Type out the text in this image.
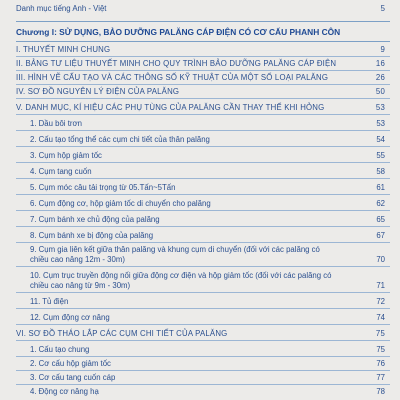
Danh mục tiếng Anh - Việt	5
Chương I: SỬ DỤNG, BẢO DƯỠNG PALĂNG CÁP ĐIỆN CÓ CƠ CẤU PHANH CÔN
I. THUYẾT MINH CHUNG	9
II. BẢNG TƯ LIỆU THUYẾT MINH CHO QUY TRÌNH BẢO DƯỠNG PALĂNG CÁP ĐIỆN	16
III. HÌNH VẼ CẤU TẠO VÀ CÁC THÔNG SỐ KỸ THUẬT CỦA MỘT SỐ LOẠI PALĂNG	26
IV. SƠ ĐỒ NGUYÊN LÝ ĐIỆN CỦA PALĂNG	50
V. DANH MỤC, KÍ HIỆU CÁC PHỤ TÙNG CỦA PALĂNG CẦN THAY THẾ KHI HỎNG	53
1. Dầu bôi trơn	53
2. Cấu tạo tổng thể các cụm chi tiết của thân palăng	54
3. Cụm hộp giảm tốc	55
4. Cụm tang cuốn	58
5. Cụm móc câu tải trọng từ 05.Tấn~5Tấn	61
6. Cụm động cơ, hộp giảm tốc di chuyển cho palăng	62
7. Cụm bánh xe chủ động của palăng	65
8. Cụm bánh xe bị động của palăng	67
9. Cụm gia liên kết giữa thân palăng và khung cụm di chuyển (đối với các palăng có
chiều cao nâng 12m - 30m)	70
10. Cụm trục truyền động nối giữa động cơ điện và hộp giảm tốc (đối với các palăng có
chiều cao nâng từ 9m - 30m)	71
11. Tủ điện	72
12. Cụm động cơ nâng	74
VI. SƠ ĐỒ THÁO LẮP CÁC CỤM CHI TIẾT CỦA PALĂNG	75
1. Cấu tạo chung	75
2. Cơ cấu hộp giảm tốc	76
3. Cơ cấu tang cuốn cáp	77
4. Động cơ nâng hạ	78
